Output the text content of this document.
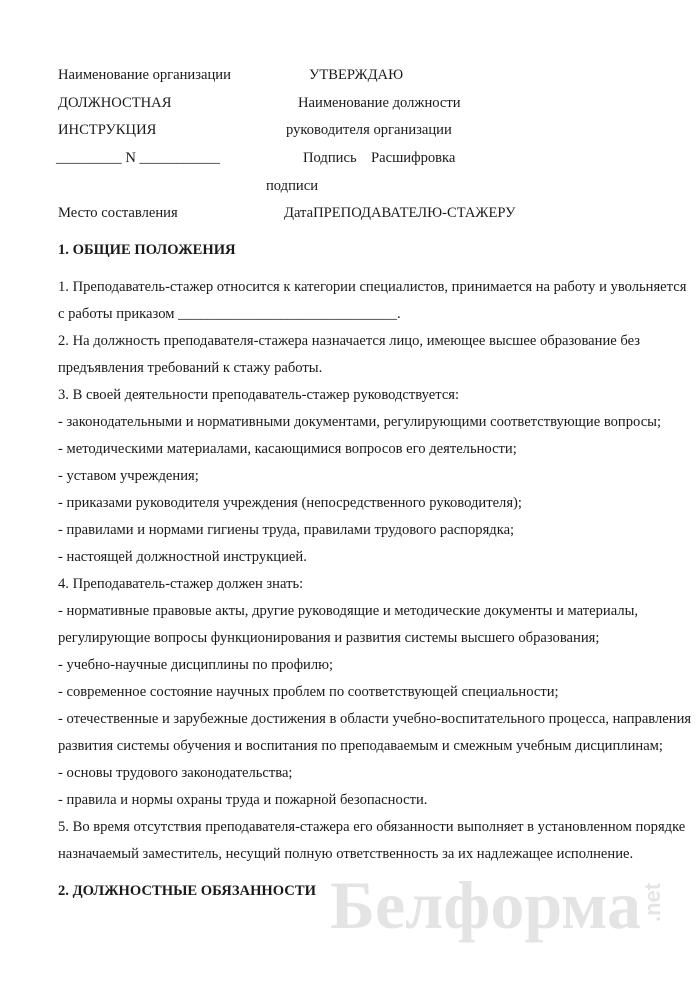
Наименование организации	УТВЕРЖДАЮ
ДОЛЖНОСТНАЯ	Наименование должности
ИНСТРУКЦИЯ	руководителя организации
_________ N ___________	Подпись Расшифровка
подписи
Место составления	ДатаПРЕПОДАВАТЕЛЮ-СТАЖЕРУ
1. ОБЩИЕ ПОЛОЖЕНИЯ
1. Преподаватель-стажер относится к категории специалистов, принимается на работу и увольняется
с работы приказом ______________________________.
2. На должность преподавателя-стажера назначается лицо, имеющее высшее образование без
предъявления требований к стажу работы.
3. В своей деятельности преподаватель-стажер руководствуется:
- законодательными и нормативными документами, регулирующими соответствующие вопросы;
- методическими материалами, касающимися вопросов его деятельности;
- уставом учреждения;
- приказами руководителя учреждения (непосредственного руководителя);
- правилами и нормами гигиены труда, правилами трудового распорядка;
- настоящей должностной инструкцией.
4. Преподаватель-стажер должен знать:
- нормативные правовые акты, другие руководящие и методические документы и материалы,
регулирующие вопросы функционирования и развития системы высшего образования;
- учебно-научные дисциплины по профилю;
- современное состояние научных проблем по соответствующей специальности;
- отечественные и зарубежные достижения в области учебно-воспитательного процесса, направления
развития системы обучения и воспитания по преподаваемым и смежным учебным дисциплинам;
- основы трудового законодательства;
- правила и нормы охраны труда и пожарной безопасности.
5. Во время отсутствия преподавателя-стажера его обязанности выполняет в установленном порядке
назначаемый заместитель, несущий полную ответственность за их надлежащее исполнение.
2. ДОЛЖНОСТНЫЕ ОБЯЗАННОСТИ Белформа .net
